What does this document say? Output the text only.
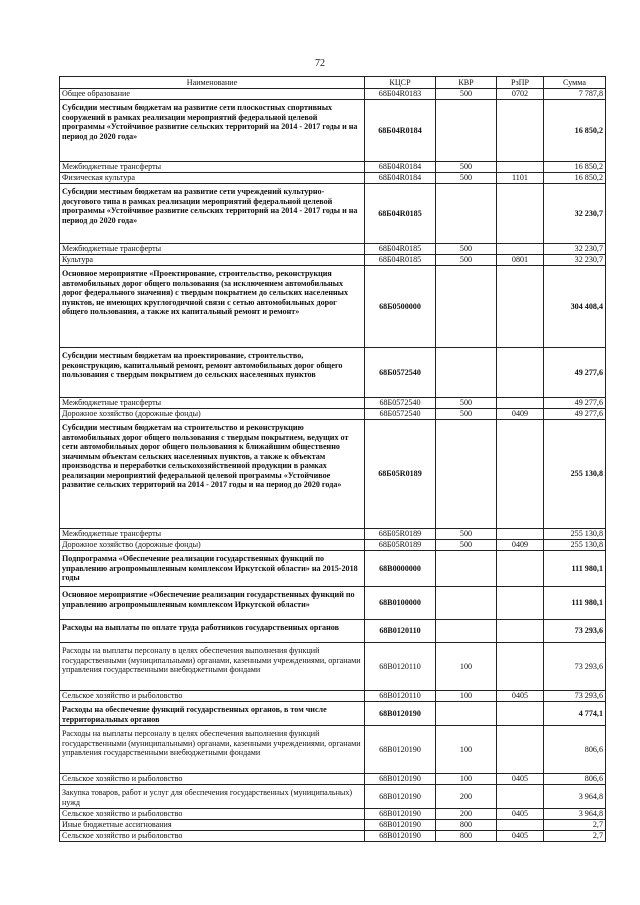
72
Наименование	КЦСР	КВР	РзПР	Сумма
Общее образование	68Б04R0183	500	0702	7 787,8
Субсидии местным бюджетам на развитие сети плоскостных спортивных сооружений в рамках реализации мероприятий федеральной целевой программы «Устойчивое развитие сельских территорий на 2014 - 2017 годы и на период до 2020 года»	68Б04R0184			16 850,2
Межбюджетные трансферты	68Б04R0184	500		16 850,2
Физическая культура	68Б04R0184	500	1101	16 850,2
Субсидии местным бюджетам на развитие сети учреждений культурно-досугового типа в рамках реализации мероприятий федеральной целевой программы «Устойчивое развитие сельских территорий на 2014 - 2017 годы и на период до 2020 года»	68Б04R0185			32 230,7
Межбюджетные трансферты	68Б04R0185	500		32 230,7
Культура	68Б04R0185	500	0801	32 230,7
Основное мероприятие «Проектирование, строительство, реконструкция автомобильных дорог общего пользования (за исключением автомобильных дорог федерального значения) с твердым покрытием до сельских населенных пунктов, не имеющих круглогодичной связи с сетью автомобильных дорог общего пользования, а также их капитальный ремонт и ремонт»	68Б0500000			304 408,4
Субсидии местным бюджетам на проектирование, строительство, реконструкцию, капитальный ремонт, ремонт автомобильных дорог общего пользования с твердым покрытием до сельских населенных пунктов	68Б0572540			49 277,6
Межбюджетные трансферты	68Б0572540	500		49 277,6
Дорожное хозяйство (дорожные фонды)	68Б0572540	500	0409	49 277,6
Субсидии местным бюджетам на строительство и реконструкцию автомобильных дорог общего пользования с твердым покрытием, ведущих от сети автомобильных дорог общего пользования к ближайшим общественно значимым объектам сельских населенных пунктов, а также к объектам производства и переработки сельскохозяйственной продукции в рамках реализации мероприятий федеральной целевой программы «Устойчивое развитие сельских территорий на 2014 - 2017 годы и на период до 2020 года»	68Б05R0189			255 130,8
Межбюджетные трансферты	68Б05R0189	500		255 130,8
Дорожное хозяйство (дорожные фонды)	68Б05R0189	500	0409	255 130,8
Подпрограмма «Обеспечение реализации государственных функций по управлению агропромышленным комплексом Иркутской области» на 2015-2018 годы	68В0000000			111 980,1
Основное мероприятие «Обеспечение реализации государственных функций по управлению агропромышленным комплексом Иркутской области»	68В0100000			111 980,1
Расходы на выплаты по оплате труда работников государственных органов	68В0120110			73 293,6
Расходы на выплаты персоналу в целях обеспечения выполнения функций государственными (муниципальными) органами, казенными учреждениями, органами управления государственными внебюджетными фондами	68В0120110	100		73 293,6
Сельское хозяйство и рыболовство	68В0120110	100	0405	73 293,6
Расходы на обеспечение функций государственных органов, в том числе территориальных органов	68В0120190			4 774,1
Расходы на выплаты персоналу в целях обеспечения выполнения функций государственными (муниципальными) органами, казенными учреждениями, органами управления государственными внебюджетными фондами	68В0120190	100		806,6
Сельское хозяйство и рыболовство	68В0120190	100	0405	806,6
Закупка товаров, работ и услуг для обеспечения государственных (муниципальных) нужд	68В0120190	200		3 964,8
Сельское хозяйство и рыболовство	68В0120190	200	0405	3 964,8
Иные бюджетные ассигнования	68В0120190	800		2,7
Сельское хозяйство и рыболовство	68В0120190	800	0405	2,7
